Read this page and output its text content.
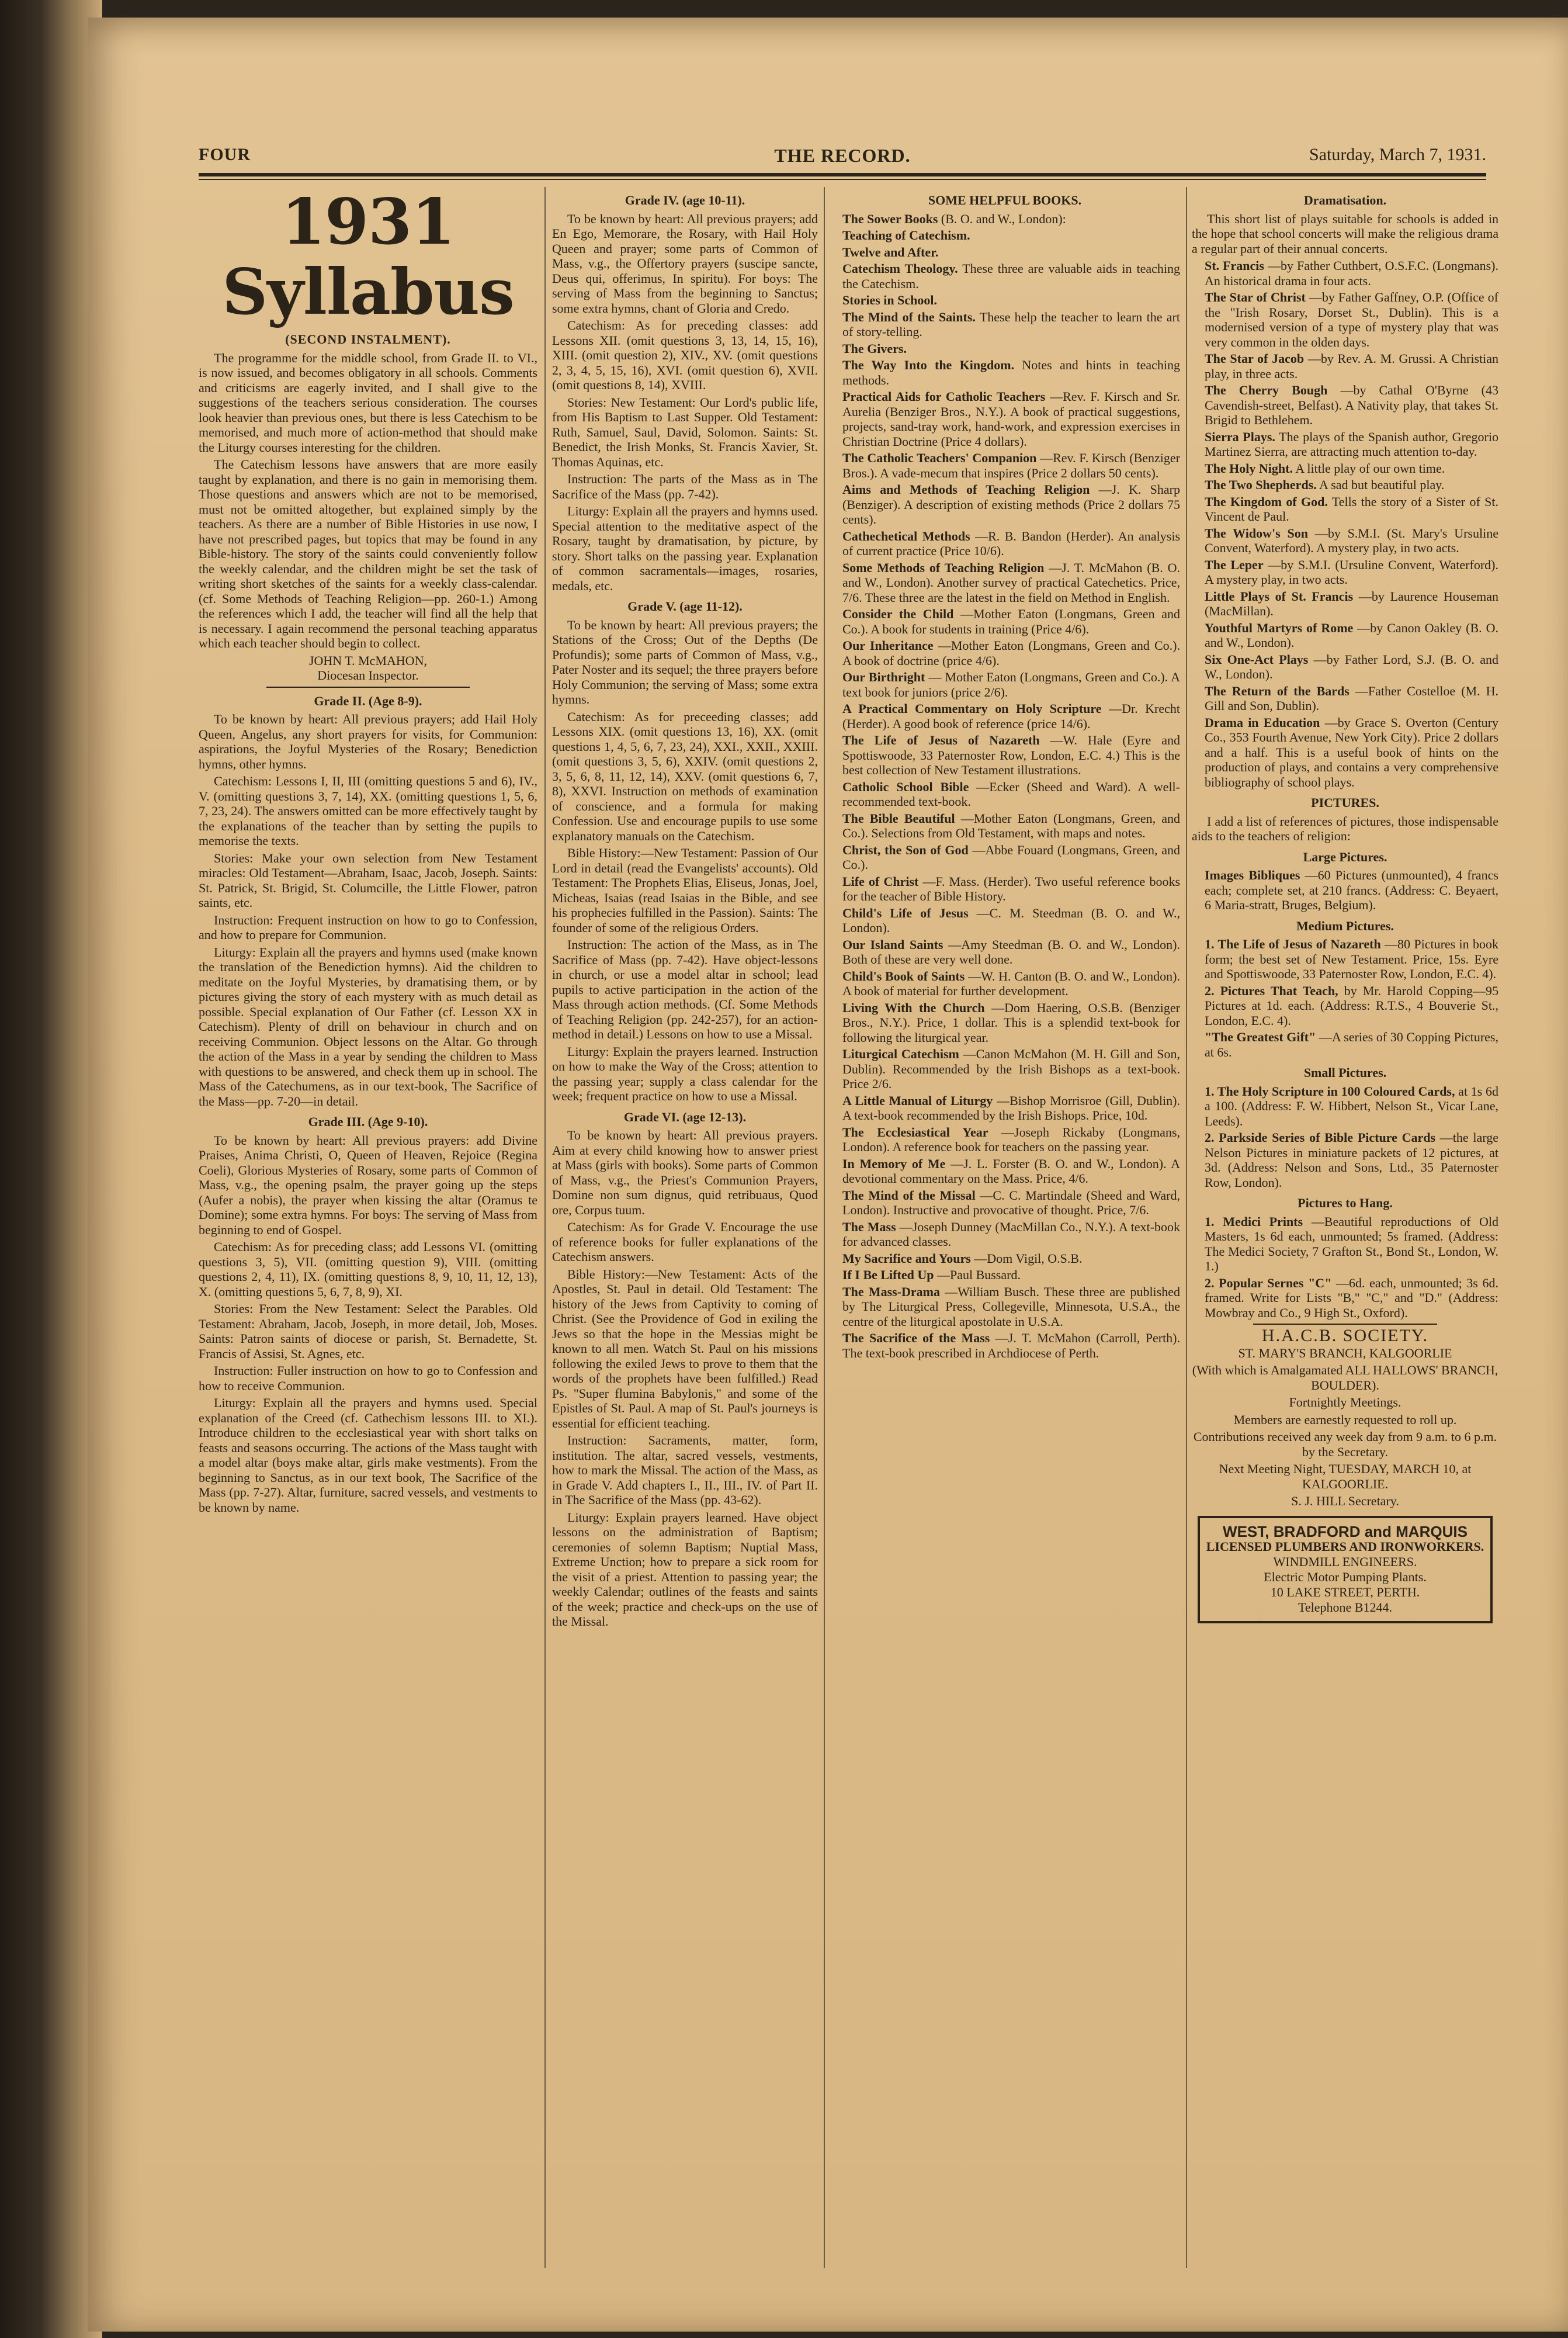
FOUR	THE RECORD.	Saturday, March 7, 1931.
1931 Syllabus
(SECOND INSTALMENT).

The programme for the middle school, from Grade II. to VI., is now issued, and becomes obligatory in all schools. Comments and criticisms are eagerly invited, and I shall give to the suggestions of the teachers serious consideration. The courses look heavier than previous ones, but there is less Catechism to be memorised, and much more of action-method that should make the Liturgy courses interesting for the children.

The Catechism lessons have answers that are more easily taught by explanation, and there is no gain in memorising them. Those questions and answers which are not to be memorised, must not be omitted altogether, but explained simply by the teachers. As there are a number of Bible Histories in use now, I have not prescribed pages, but topics that may be found in any Bible-history. The story of the saints could conveniently follow the weekly calendar, and the children might be set the task of writing short sketches of the saints for a weekly class-calendar. (cf. Some Methods of Teaching Religion—pp. 260-1.) Among the references which I add, the teacher will find all the help that is necessary. I again recommend the personal teaching apparatus which each teacher should begin to collect.

JOHN T. McMAHON,
Diocesan Inspector.
Grade II. (Age 8-9).

To be known by heart: All previous prayers; add Hail Holy Queen, Angelus, any short prayers for visits, for Communion: aspirations, the Joyful Mysteries of the Rosary; Benediction hymns, other hymns.

Catechism: Lessons I, II, III (omitting questions 5 and 6), IV., V. (omitting questions 3, 7, 14), XX. (omitting questions 1, 5, 6, 7, 23, 24). The answers omitted can be more effectively taught by the explanations of the teacher than by setting the pupils to memorise the texts.

Stories: Make your own selection from New Testament miracles: Old Testament—Abraham, Isaac, Jacob, Joseph. Saints: St. Patrick, St. Brigid, St. Columcille, the Little Flower, patron saints, etc.

Instruction: Frequent instruction on how to go to Confession, and how to prepare for Communion.

Liturgy: Explain all the prayers and hymns used (make known the translation of the Benediction hymns). Aid the children to meditate on the Joyful Mysteries, by dramatising them, or by pictures giving the story of each mystery with as much detail as possible. Special explanation of Our Father (cf. Lesson XX in Catechism). Plenty of drill on behaviour in church and on receiving Communion. Object lessons on the Altar. Go through the action of the Mass in a year by sending the children to Mass with questions to be answered, and check them up in school. The Mass of the Catechumens, as in our text-book, The Sacrifice of the Mass—pp. 7-20—in detail.

Grade III. (Age 9-10).

To be known by heart: All previous prayers: add Divine Praises, Anima Christi, O, Queen of Heaven, Rejoice (Regina Coeli), Glorious Mysteries of Rosary, some parts of Common of Mass, v.g., the opening psalm, the prayer going up the steps (Aufer a nobis), the prayer when kissing the altar (Oramus te Domine); some extra hymns. For boys: The serving of Mass from beginning to end of Gospel.

Catechism: As for preceding class; add Lessons VI. (omitting questions 3, 5), VII. (omitting question 9), VIII. (omitting questions 2, 4, 11), IX. (omitting questions 8, 9, 10, 11, 12, 13), X. (omitting questions 5, 6, 7, 8, 9), XI.

Stories: From the New Testament: Select the Parables. Old Testament: Abraham, Jacob, Joseph, in more detail, Job, Moses. Saints: Patron saints of diocese or parish, St. Bernadette, St. Francis of Assisi, St. Agnes, etc.

Instruction: Fuller instruction on how to go to Confession and how to receive Communion.

Liturgy: Explain all the prayers and hymns used. Special explanation of the Creed (cf. Cathechism lessons III. to XI.). Introduce children to the ecclesiastical year with short talks on feasts and seasons occurring. The actions of the Mass taught with a model altar (boys make altar, girls make vestments). From the beginning to Sanctus, as in our text book, The Sacrifice of the Mass (pp. 7-27). Altar, furniture, sacred vessels, and vestments to be known by name.

Grade IV. (age 10-11).

To be known by heart: All previous prayers; add En Ego, Memorare, the Rosary, with Hail Holy Queen and prayer; some parts of Common of Mass, v.g., the Offertory prayers (suscipe sancte, Deus qui, offerimus, In spiritu). For boys: The serving of Mass from the beginning to Sanctus; some extra hymns, chant of Gloria and Credo.

Catechism: As for preceding classes: add Lessons XII. (omit questions 3, 13, 14, 15, 16), XIII. (omit question 2), XIV., XV. (omit questions 2, 3, 4, 5, 15, 16), XVI. (omit question 6), XVII. (omit questions 8, 14), XVIII.

Stories: New Testament: Our Lord's public life, from His Baptism to Last Supper. Old Testament: Ruth, Samuel, Saul, David, Solomon. Saints: St. Benedict, the Irish Monks, St. Francis Xavier, St. Thomas Aquinas, etc.

Instruction: The parts of the Mass as in The Sacrifice of the Mass (pp. 7-42).

Liturgy: Explain all the prayers and hymns used. Special attention to the meditative aspect of the Rosary, taught by dramatisation, by picture, by story. Short talks on the passing year. Explanation of common sacramentals—images, rosaries, medals, etc.

Grade V. (age 11-12).

To be known by heart: All previous prayers; the Stations of the Cross; Out of the Depths (De Profundis); some parts of Common of Mass, v.g., Pater Noster and its sequel; the three prayers before Holy Communion; the serving of Mass; some extra hymns.

Catechism: As for preceeding classes; add Lessons XIX. (omit questions 13, 16), XX. (omit questions 1, 4, 5, 6, 7, 23, 24), XXI., XXII., XXIII. (omit questions 3, 5, 6), XXIV. (omit questions 2, 3, 5, 6, 8, 11, 12, 14), XXV. (omit questions 6, 7, 8), XXVI. Instruction on methods of examination of conscience, and a formula for making Confession. Use and encourage pupils to use some explanatory manuals on the Catechism.

Bible History:—New Testament: Passion of Our Lord in detail (read the Evangelists' accounts). Old Testament: The Prophets Elias, Eliseus, Jonas, Joel, Micheas, Isaias (read Isaias in the Bible, and see his prophecies fulfilled in the Passion). Saints: The founder of some of the religious Orders.

Instruction: The action of the Mass, as in The Sacrifice of Mass (pp. 7-42). Have object-lessons in church, or use a model altar in school; lead pupils to active participation in the action of the Mass through action methods. (Cf. Some Methods of Teaching Religion (pp. 242-257), for an action-method in detail.) Lessons on how to use a Missal.

Liturgy: Explain the prayers learned. Instruction on how to make the Way of the Cross; attention to the passing year; supply a class calendar for the week; frequent practice on how to use a Missal.

Grade VI. (age 12-13).

To be known by heart: All previous prayers. Aim at every child knowing how to answer priest at Mass (girls with books). Some parts of Common of Mass, v.g., the Priest's Communion Prayers, Domine non sum dignus, quid retribuaus, Quod ore, Corpus tuum.

Catechism: As for Grade V. Encourage the use of reference books for fuller explanations of the Catechism answers.

Bible History:—New Testament: Acts of the Apostles, St. Paul in detail. Old Testament: The history of the Jews from Captivity to coming of Christ. (See the Providence of God in exiling the Jews so that the hope in the Messias might be known to all men. Watch St. Paul on his missions following the exiled Jews to prove to them that the words of the prophets have been fulfilled.) Read Ps. "Super flumina Babylonis," and some of the Epistles of St. Paul. A map of St. Paul's journeys is essential for efficient teaching.

Instruction: Sacraments, matter, form, institution. The altar, sacred vessels, vestments, how to mark the Missal. The action of the Mass, as in Grade V. Add chapters I., II., III., IV. of Part II. in The Sacrifice of the Mass (pp. 43-62).

Liturgy: Explain prayers learned. Have object lessons on the administration of Baptism; ceremonies of solemn Baptism; Nuptial Mass, Extreme Unction; how to prepare a sick room for the visit of a priest. Attention to passing year; the weekly Calendar; outlines of the feasts and saints of the week; practice and check-ups on the use of the Missal.

SOME HELPFUL BOOKS.
The Sower Books (B. O. and W., London):
Teaching of Catechism.
Twelve and After.
Catechism Theology. These three are valuable aids in teaching the Catechism.
Stories in School.
The Mind of the Saints. These help the teacher to learn the art of story-telling.
The Givers.
The Way Into the Kingdom. Notes and hints in teaching methods.
Practical Aids for Catholic Teachers —Rev. F. Kirsch and Sr. Aurelia (Benziger Bros., N.Y.). A book of practical suggestions, projects, sand-tray work, hand-work, and expression exercises in Christian Doctrine (Price 4 dollars).
The Catholic Teachers' Companion —Rev. F. Kirsch (Benziger Bros.). A vade-mecum that inspires (Price 2 dollars 50 cents).
Aims and Methods of Teaching Religion —J. K. Sharp (Benziger). A description of existing methods (Price 2 dollars 75 cents).
Cathechetical Methods —R. B. Bandon (Herder). An analysis of current practice (Price 10/6).
Some Methods of Teaching Religion —J. T. McMahon (B. O. and W., London). Another survey of practical Catechetics. Price, 7/6. These three are the latest in the field on Method in English.
Consider the Child —Mother Eaton (Longmans, Green and Co.). A book for students in training (Price 4/6).
Our Inheritance —Mother Eaton (Longmans, Green and Co.). A book of doctrine (price 4/6).
Our Birthright — Mother Eaton (Longmans, Green and Co.). A text book for juniors (price 2/6).
A Practical Commentary on Holy Scripture —Dr. Krecht (Herder). A good book of reference (price 14/6).
The Life of Jesus of Nazareth —W. Hale (Eyre and Spottiswoode, 33 Paternoster Row, London, E.C. 4.) This is the best collection of New Testament illustrations.
Catholic School Bible —Ecker (Sheed and Ward). A well-recommended text-book.
The Bible Beautiful —Mother Eaton (Longmans, Green, and Co.). Selections from Old Testament, with maps and notes.
Christ, the Son of God —Abbe Fouard (Longmans, Green, and Co.).
Life of Christ —F. Mass. (Herder). Two useful reference books for the teacher of Bible History.
Child's Life of Jesus —C. M. Steedman (B. O. and W., London).
Our Island Saints —Amy Steedman (B. O. and W., London). Both of these are very well done.
Child's Book of Saints —W. H. Canton (B. O. and W., London). A book of material for further development.
Living With the Church —Dom Haering, O.S.B. (Benziger Bros., N.Y.). Price, 1 dollar. This is a splendid text-book for following the liturgical year.
Liturgical Catechism —Canon McMahon (M. H. Gill and Son, Dublin). Recommended by the Irish Bishops as a text-book. Price 2/6.
A Little Manual of Liturgy —Bishop Morrisroe (Gill, Dublin). A text-book recommended by the Irish Bishops. Price, 10d.
The Ecclesiastical Year —Joseph Rickaby (Longmans, London). A reference book for teachers on the passing year.
In Memory of Me —J. L. Forster (B. O. and W., London). A devotional commentary on the Mass. Price, 4/6.
The Mind of the Missal —C. C. Martindale (Sheed and Ward, London). Instructive and provocative of thought. Price, 7/6.
The Mass —Joseph Dunney (MacMillan Co., N.Y.). A text-book for advanced classes.
My Sacrifice and Yours —Dom Vigil, O.S.B.
If I Be Lifted Up —Paul Bussard.
The Mass-Drama —William Busch. These three are published by The Liturgical Press, Collegeville, Minnesota, U.S.A., the centre of the liturgical apostolate in U.S.A.
The Sacrifice of the Mass —J. T. McMahon (Carroll, Perth). The text-book prescribed in Archdiocese of Perth.
Dramatisation.

This short list of plays suitable for schools is added in the hope that school concerts will make the religious drama a regular part of their annual concerts.

St. Francis —by Father Cuthbert, O.S.F.C. (Longmans). An historical drama in four acts.
The Star of Christ —by Father Gaffney, O.P. (Office of the "Irish Rosary, Dorset St., Dublin). This is a modernised version of a type of mystery play that was very common in the olden days.
The Star of Jacob —by Rev. A. M. Grussi. A Christian play, in three acts.
The Cherry Bough —by Cathal O'Byrne (43 Cavendish-street, Belfast). A Nativity play, that takes St. Brigid to Bethlehem.
Sierra Plays. The plays of the Spanish author, Gregorio Martinez Sierra, are attracting much attention to-day.
The Holy Night. A little play of our own time.
The Two Shepherds. A sad but beautiful play.
The Kingdom of God. Tells the story of a Sister of St. Vincent de Paul.
The Widow's Son —by S.M.I. (St. Mary's Ursuline Convent, Waterford). A mystery play, in two acts.
The Leper —by S.M.I. (Ursuline Convent, Waterford). A mystery play, in two acts.
Little Plays of St. Francis —by Laurence Houseman (MacMillan).
Youthful Martyrs of Rome —by Canon Oakley (B. O. and W., London).
Six One-Act Plays —by Father Lord, S.J. (B. O. and W., London).
The Return of the Bards —Father Costelloe (M. H. Gill and Son, Dublin).
Drama in Education —by Grace S. Overton (Century Co., 353 Fourth Avenue, New York City). Price 2 dollars and a half. This is a useful book of hints on the production of plays, and contains a very comprehensive bibliography of school plays.
PICTURES.

I add a list of references of pictures, those indispensable aids to the teachers of religion:

Large Pictures.
Images Bibliques —60 Pictures (unmounted), 4 francs each; complete set, at 210 francs. (Address: C. Beyaert, 6 Maria-stratt, Bruges, Belgium).
Medium Pictures.
1. The Life of Jesus of Nazareth —80 Pictures in book form; the best set of New Testament. Price, 15s. Eyre and Spottiswoode, 33 Paternoster Row, London, E.C. 4).
2. Pictures That Teach, by Mr. Harold Copping—95 Pictures at 1d. each. (Address: R.T.S., 4 Bouverie St., London, E.C. 4).
"The Greatest Gift" —A series of 30 Copping Pictures, at 6s.
Small Pictures.
1. The Holy Scripture in 100 Coloured Cards, at 1s 6d a 100. (Address: F. W. Hibbert, Nelson St., Vicar Lane, Leeds).
2. Parkside Series of Bible Picture Cards —the large Nelson Pictures in miniature packets of 12 pictures, at 3d. (Address: Nelson and Sons, Ltd., 35 Paternoster Row, London).
Pictures to Hang.
1. Medici Prints —Beautiful reproductions of Old Masters, 1s 6d each, unmounted; 5s framed. (Address: The Medici Society, 7 Grafton St., Bond St., London, W. 1.)
2. Popular Sernes "C" —6d. each, unmounted; 3s 6d. framed. Write for Lists "B," "C," and "D." (Address: Mowbray and Co., 9 High St., Oxford).
H.A.C.B. SOCIETY.
ST. MARY'S BRANCH, KALGOORLIE
(With which is Amalgamated ALL HALLOWS' BRANCH, BOULDER).
Fortnightly Meetings.
Members are earnestly requested to roll up.
Contributions received any week day from 9 a.m. to 6 p.m. by the Secretary.
Next Meeting Night, TUESDAY, MARCH 10, at KALGOORLIE.
S. J. HILL Secretary.
WEST, BRADFORD and MARQUIS
LICENSED PLUMBERS AND IRONWORKERS.
WINDMILL ENGINEERS.
Electric Motor Pumping Plants.
10 LAKE STREET, PERTH.
Telephone B1244.
